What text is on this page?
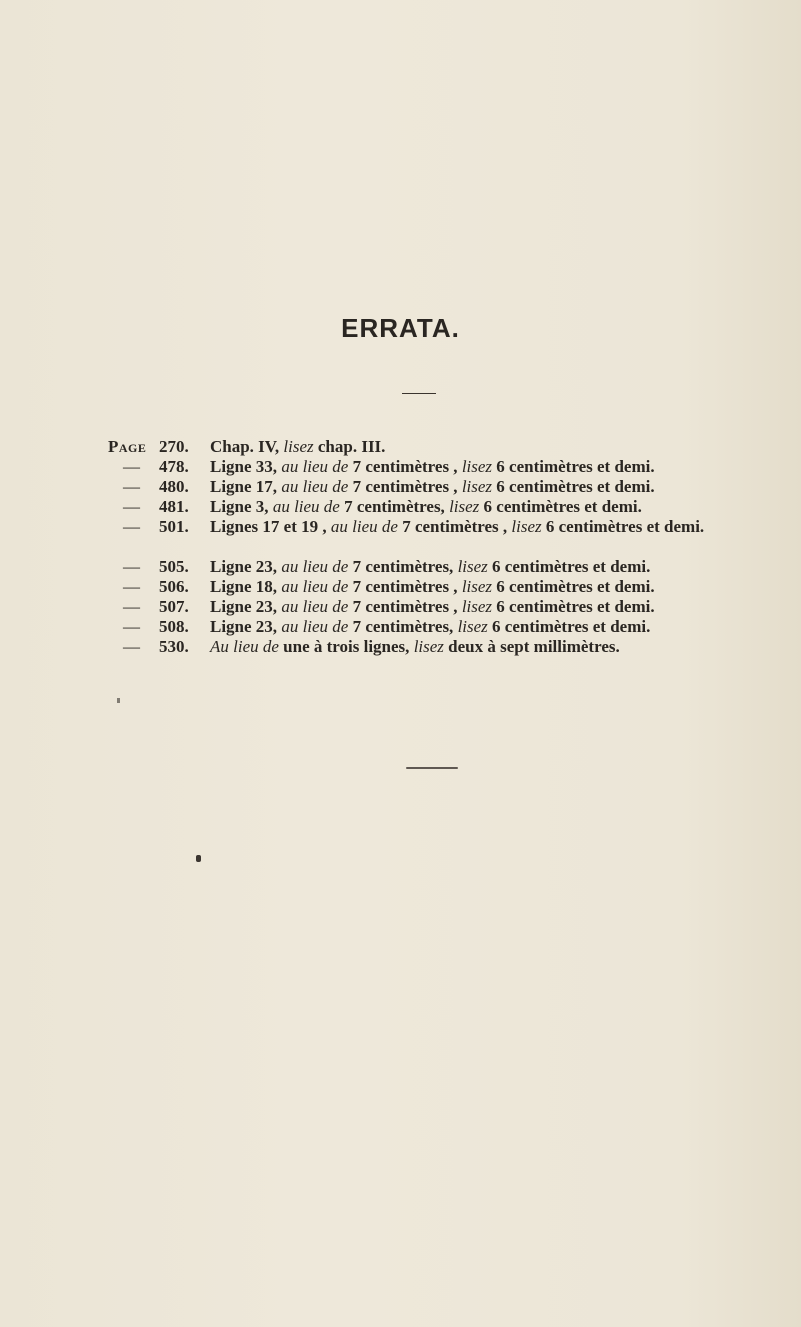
ERRATA.
Page 270.	Chap. IV, lisez chap. III.
—	478.	Ligne 33, au lieu de 7 centimètres , lisez 6 centimètres et demi.
—	480.	Ligne 17, au lieu de 7 centimètres , lisez 6 centimètres et demi.
—	481.	Ligne 3, au lieu de 7 centimètres, lisez 6 centimètres et demi.
—	501.	Lignes 17 et 19 , au lieu de 7 centimètres , lisez 6 centimètres et demi.
—	505.	Ligne 23, au lieu de 7 centimètres, lisez 6 centimètres et demi.
—	506.	Ligne 18, au lieu de 7 centimètres , lisez 6 centimètres et demi.
—	507.	Ligne 23, au lieu de 7 centimètres , lisez 6 centimètres et demi.
—	508.	Ligne 23, au lieu de 7 centimètres, lisez 6 centimètres et demi.
—	530.	Au lieu de une à trois lignes, lisez deux à sept millimètres.
